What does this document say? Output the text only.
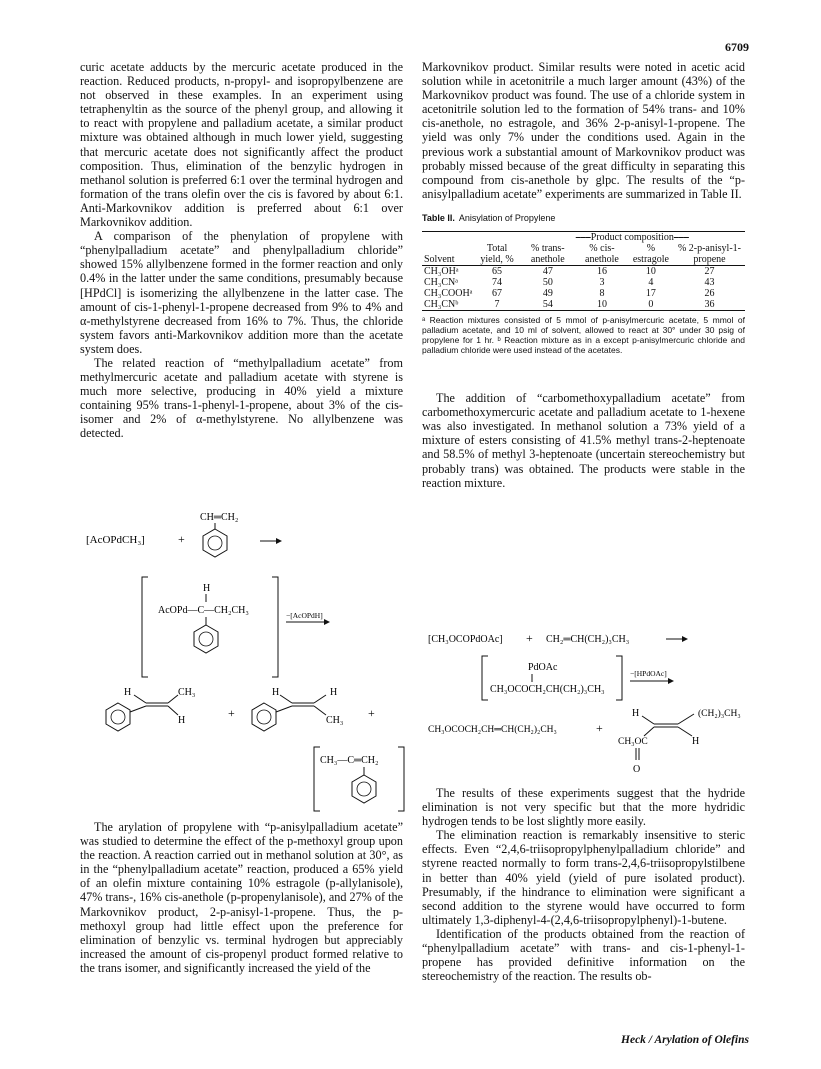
6709

curic acetate adducts by the mercuric acetate produced in the reaction. Reduced products, n-propyl- and isopropylbenzene are not observed in these examples. In an experiment using tetraphenyltin as the source of the phenyl group, and allowing it to react with propylene and palladium acetate, a similar product mixture was obtained although in much lower yield, suggesting that mercuric acetate does not significantly affect the product composition. Thus, elimination of the benzylic hydrogen in methanol solution is preferred 6:1 over the terminal hydrogen and formation of the trans olefin over the cis is favored by about 6:1. Anti-Markovnikov addition is preferred about 6:1 over Markovnikov addition.

A comparison of the phenylation of propylene with “phenylpalladium acetate” and phenylpalladium chloride” showed 15% allylbenzene formed in the former reaction and only 0.4% in the latter under the same conditions, presumably because [HPdCl] is isomerizing the allylbenzene in the latter case. The amount of cis-1-phenyl-1-propene decreased from 9% to 4% and α-methylstyrene decreased from 16% to 7%. Thus, the chloride system favors anti-Markovnikov addition more than the acetate system does.

The related reaction of “methylpalladium acetate” from methylmercuric acetate and palladium acetate with styrene is much more selective, producing in 40% yield a mixture containing 95% trans-1-phenyl-1-propene, about 3% of the cis-isomer and 2% of α-methylstyrene. No allylbenzene was detected.

[AcOPdCH₃]	+
CH═CH₂
H
AcOPd—C—CH₂CH₃	−[AcOPdH]
H	CH₃
H
+
H	H
CH₃
+
CH₃—C═CH₂

The arylation of propylene with “p-anisylpalladium acetate” was studied to determine the effect of the p-methoxyl group upon the reaction. A reaction carried out in methanol solution at 30°, as in the “phenylpalladium acetate” reaction, produced a 65% yield of an olefin mixture containing 10% estragole (p-allylanisole), 47% trans-, 16% cis-anethole (p-propenylanisole), and 27% of the Markovnikov product, 2-p-anisyl-1-propene. Thus, the p-methoxyl group had little effect upon the preference for elimination of benzylic vs. terminal hydrogen but appreciably increased the amount of cis-propenyl product formed relative to the trans isomer, and significantly increased the yield of the

Markovnikov product. Similar results were noted in acetic acid solution while in acetonitrile a much larger amount (43%) of the Markovnikov product was found. The use of a chloride system in acetonitrile solution led to the formation of 54% trans- and 10% cis-anethole, no estragole, and 36% 2-p-anisyl-1-propene. The yield was only 7% under the conditions used. Again in the previous work a substantial amount of Markovnikov product was probably missed because of the great difficulty in separating this compound from cis-anethole by glpc. The results of the “p-anisylpalladium acetate” experiments are summarized in Table II.

Table II. Anisylation of Propylene
		⎯⎯⎯Product composition⎯⎯⎯			
Solvent	Total yield, %	% trans-anethole	% cis-anethole	% estragole	% 2-p-anisyl-1-propene
CH₃OHᵃ	65	47	16	10	27
CH₃CNᵃ	74	50	3	4	43
CH₃COOHᵃ	67	49	8	17	26
CH₃CNᵇ	7	54	10	0	36
ᵃ Reaction mixtures consisted of 5 mmol of p-anisylmercuric acetate, 5 mmol of palladium acetate, and 10 ml of solvent, allowed to react at 30° under 30 psig of propylene for 1 hr. ᵇ Reaction mixture as in a except p-anisylmercuric chloride and palladium chloride were used instead of the acetates.

The addition of “carbomethoxypalladium acetate” from carbomethoxymercuric acetate and palladium acetate to 1-hexene was also investigated. In methanol solution a 73% yield of a mixture of esters consisting of 41.5% methyl trans-2-heptenoate and 58.5% of methyl 3-heptenoate (uncertain stereochemistry but probably trans) was obtained. The products were stable in the reaction mixture.

[CH₃OCOPdOAc] + CH₂═CH(CH₂)₃CH₃
PdOAc
CH₃OCOCH₂CH(CH₂)₃CH₃
−[HPdOAc]
CH₃OCOCH₂CH═CH(CH₂)₂CH₃	+
H	(CH₂)₃CH₃
H
CH₃OC
O

The results of these experiments suggest that the hydride elimination is not very specific but that the more hydridic hydrogen tends to be lost slightly more easily.

The elimination reaction is remarkably insensitive to steric effects. Even “2,4,6-triisopropylphenylpalladium chloride” and styrene reacted normally to form trans-2,4,6-triisopropylstilbene in better than 40% yield (yield of pure isolated product). Presumably, if the hindrance to elimination were significant a second addition to the styrene would have occurred to form ultimately 1,3-diphenyl-4-(2,4,6-triisopropylphenyl)-1-butene.

Identification of the products obtained from the reaction of “phenylpalladium acetate” with trans- and cis-1-phenyl-1-propene has provided definitive information on the stereochemistry of the reaction. The results ob-

Heck / Arylation of Olefins
